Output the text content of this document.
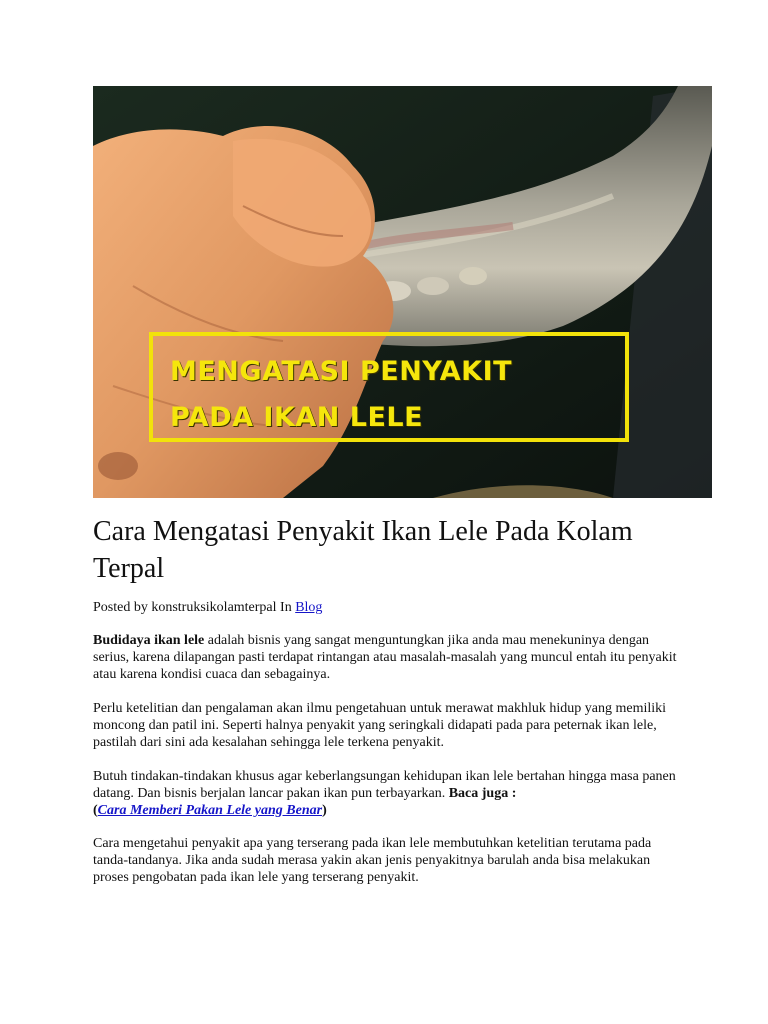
MENGATASI PENYAKIT
PADA IKAN LELE
Cara Mengatasi Penyakit Ikan Lele Pada Kolam Terpal
Posted by konstruksikolamterpal In Blog

Budidaya ikan lele adalah bisnis yang sangat menguntungkan jika anda mau menekuninya dengan serius, karena dilapangan pasti terdapat rintangan atau masalah-masalah yang muncul entah itu penyakit atau karena kondisi cuaca dan sebagainya.

Perlu ketelitian dan pengalaman akan ilmu pengetahuan untuk merawat makhluk hidup yang memiliki moncong dan patil ini. Seperti halnya penyakit yang seringkali didapati pada para peternak ikan lele, pastilah dari sini ada kesalahan sehingga lele terkena penyakit.

Butuh tindakan-tindakan khusus agar keberlangsungan kehidupan ikan lele bertahan hingga masa panen datang. Dan bisnis berjalan lancar pakan ikan pun terbayarkan. Baca juga :
(Cara Memberi Pakan Lele yang Benar)

Cara mengetahui penyakit apa yang terserang pada ikan lele membutuhkan ketelitian terutama pada tanda-tandanya. Jika anda sudah merasa yakin akan jenis penyakitnya barulah anda bisa melakukan proses pengobatan pada ikan lele yang terserang penyakit.
